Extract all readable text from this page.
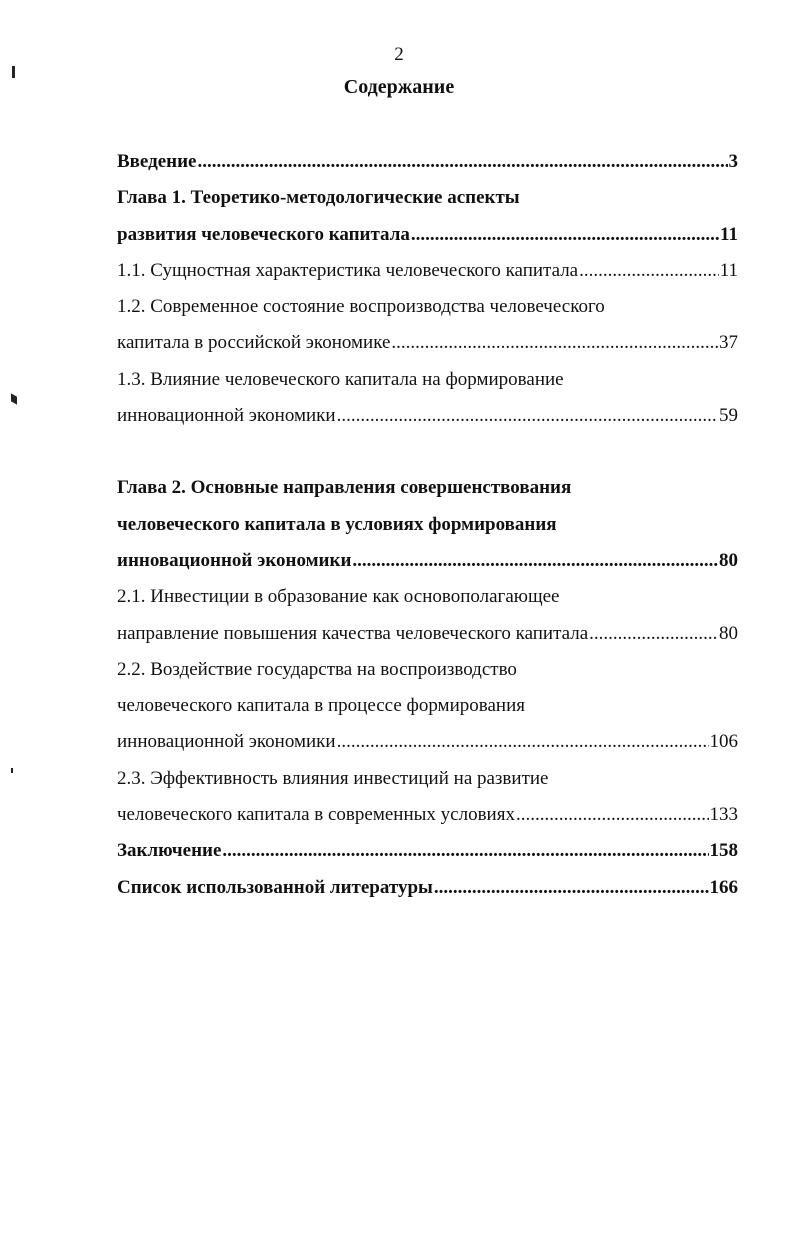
2
Содержание
Введение .....	3
Глава 1. Теоретико-методологические аспекты
развития человеческого капитала .....	11
1.1. Сущностная характеристика человеческого капитала .....	11
1.2. Современное состояние воспроизводства человеческого
капитала в российской экономике .....	37
1.3. Влияние человеческого капитала на формирование
инновационной экономики .....	59
Глава 2. Основные направления совершенствования
человеческого капитала в условиях формирования
инновационной экономики .....	80
2.1. Инвестиции в образование как основополагающее
направление повышения качества человеческого капитала .....	80
2.2. Воздействие государства на воспроизводство
человеческого капитала в процессе формирования
инновационной экономики .....	106
2.3. Эффективность влияния инвестиций на развитие
человеческого капитала в современных условиях .....	133
Заключение .....	158
Список использованной литературы .....	166
